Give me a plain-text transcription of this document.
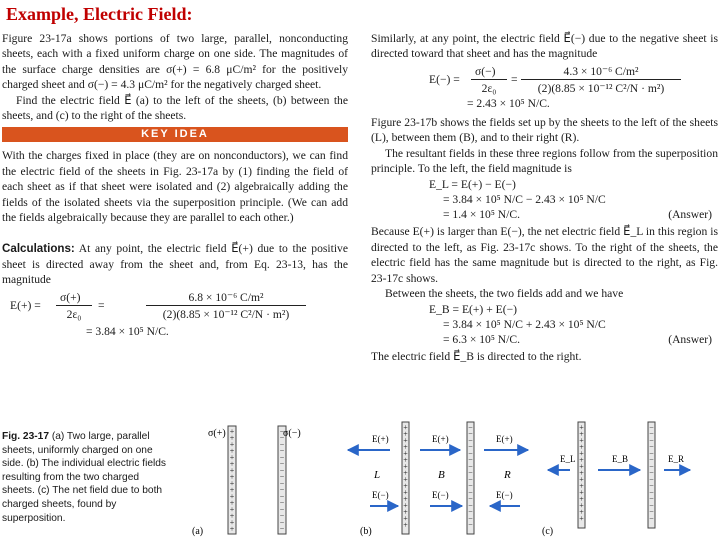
Example, Electric Field:

Figure 23-17a shows portions of two large, parallel, nonconducting sheets, each with a fixed uniform charge on one side. The magnitudes of the surface charge densities are σ(+) = 6.8 μC/m² for the positively charged sheet and σ(−) = 4.3 μC/m² for the negatively charged sheet.

Find the electric field E⃗ (a) to the left of the sheets, (b) between the sheets, and (c) to the right of the sheets.

KEY IDEA

With the charges fixed in place (they are on nonconductors), we can find the electric field of the sheets in Fig. 23-17a by (1) finding the field of each sheet as if that sheet were isolated and (2) algebraically adding the fields of the isolated sheets via the superposition principle. (We can add the fields algebraically because they are parallel to each other.)

Calculations: At any point, the electric field E⃗(+) due to the positive sheet is directed away from the sheet and, from Eq. 23-13, has the magnitude

E(+) =
σ(+)
2ε₀
=
6.8 × 10⁻⁶ C/m²
(2)(8.85 × 10⁻¹² C²/N · m²)
= 3.84 × 10⁵ N/C.

Similarly, at any point, the electric field E⃗(−) due to the negative sheet is directed toward that sheet and has the magnitude

E(−) =
σ(−)
2ε₀
=
4.3 × 10⁻⁶ C/m²
(2)(8.85 × 10⁻¹² C²/N · m²)
= 2.43 × 10⁵ N/C.

Figure 23-17b shows the fields set up by the sheets to the left of the sheets (L), between them (B), and to their right (R).

The resultant fields in these three regions follow from the superposition principle. To the left, the field magnitude is

E_L = E(+) − E(−)
= 3.84 × 10⁵ N/C − 2.43 × 10⁵ N/C
= 1.4 × 10⁵ N/C.	(Answer)

Because E(+) is larger than E(−), the net electric field E⃗_L in this region is directed to the left, as Fig. 23-17c shows. To the right of the sheets, the electric field has the same magnitude but is directed to the right, as Fig. 23-17c shows.

Between the sheets, the two fields add and we have

E_B = E(+) + E(−)
= 3.84 × 10⁵ N/C + 2.43 × 10⁵ N/C
= 6.3 × 10⁵ N/C.	(Answer)

The electric field E⃗_B is directed to the right.

Fig. 23-17 (a) Two large, parallel sheets, uniformly charged on one side. (b) The individual electric fields resulting from the two charged sheets. (c) The net field due to both charged sheets, found by superposition.
+
+
+
+
+
+
+
+
+
+
+
+
+
+
+
+
−
−
−
−
−
−
−
−
−
−
−
−
−
−
−
−
σ(+)	σ(−)
(a)
+
+
+
+
+
+
+
+
+
+
+
+
+
+
+
+
−
−
−
−
−
−
−
−
−
−
−
−
−
−
−
−
E(+)	E(+)	E(+)
E(−)	E(−)	E(−)
L	B	R
(b)
+
+
+
+
+
+
+
+
+
+
+
+
+
+
+
−
−
−
−
−
−
−
−
−
−
−
−
−
−
−
E_L	E_B	E_R
(c)
